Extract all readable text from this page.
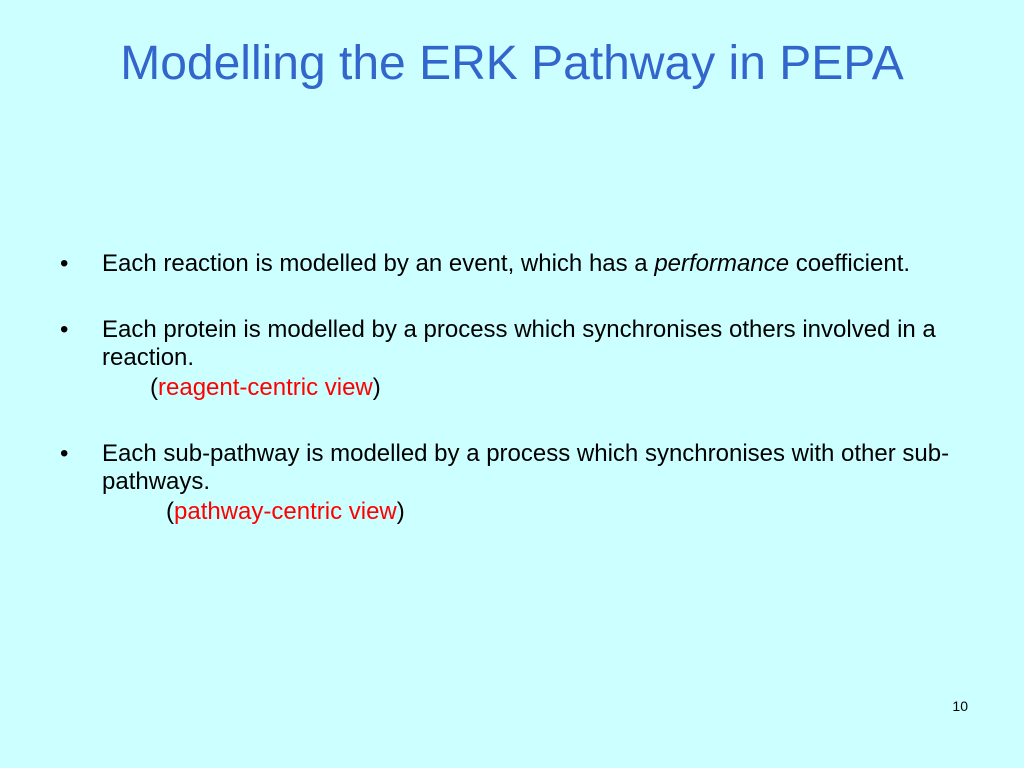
Modelling the ERK Pathway in PEPA
• Each reaction is modelled by an event, which has a performance coefficient.
• Each protein is modelled by a process which synchronises others involved in a reaction.
(reagent-centric view)
• Each sub-pathway is modelled by a process which synchronises with other sub-pathways.
(pathway-centric view)
10
